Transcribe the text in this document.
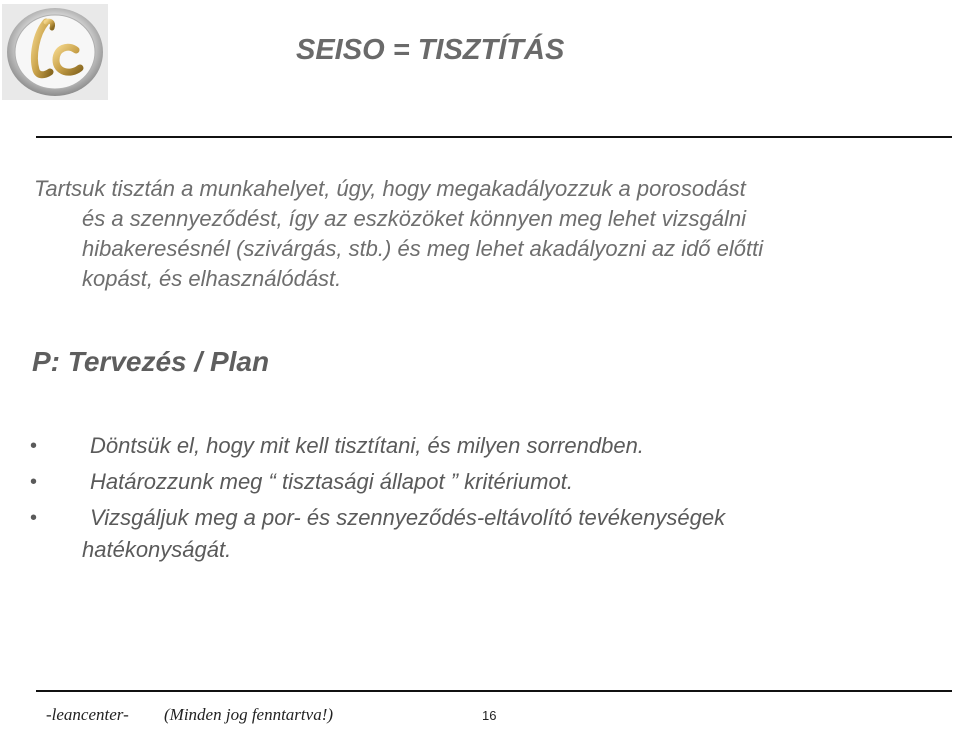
SEISO = TISZTÍTÁS
Tartsuk tisztán a munkahelyet, úgy, hogy megakadályozzuk a porosodást
és a szennyeződést, így az eszközöket könnyen meg lehet vizsgálni
hibakeresésnél (szivárgás, stb.) és meg lehet akadályozni az idő előtti
kopást, és elhasználódást.
P: Tervezés / Plan
•	Döntsük el, hogy mit kell tisztítani, és milyen sorrendben.
•	Határozzunk meg “ tisztasági állapot ” kritériumot.
•	Vizsgáljuk meg a por- és szennyeződés-eltávolító tevékenységek
hatékonyságát.
-leancenter- (Minden jog fenntartva!)	16
